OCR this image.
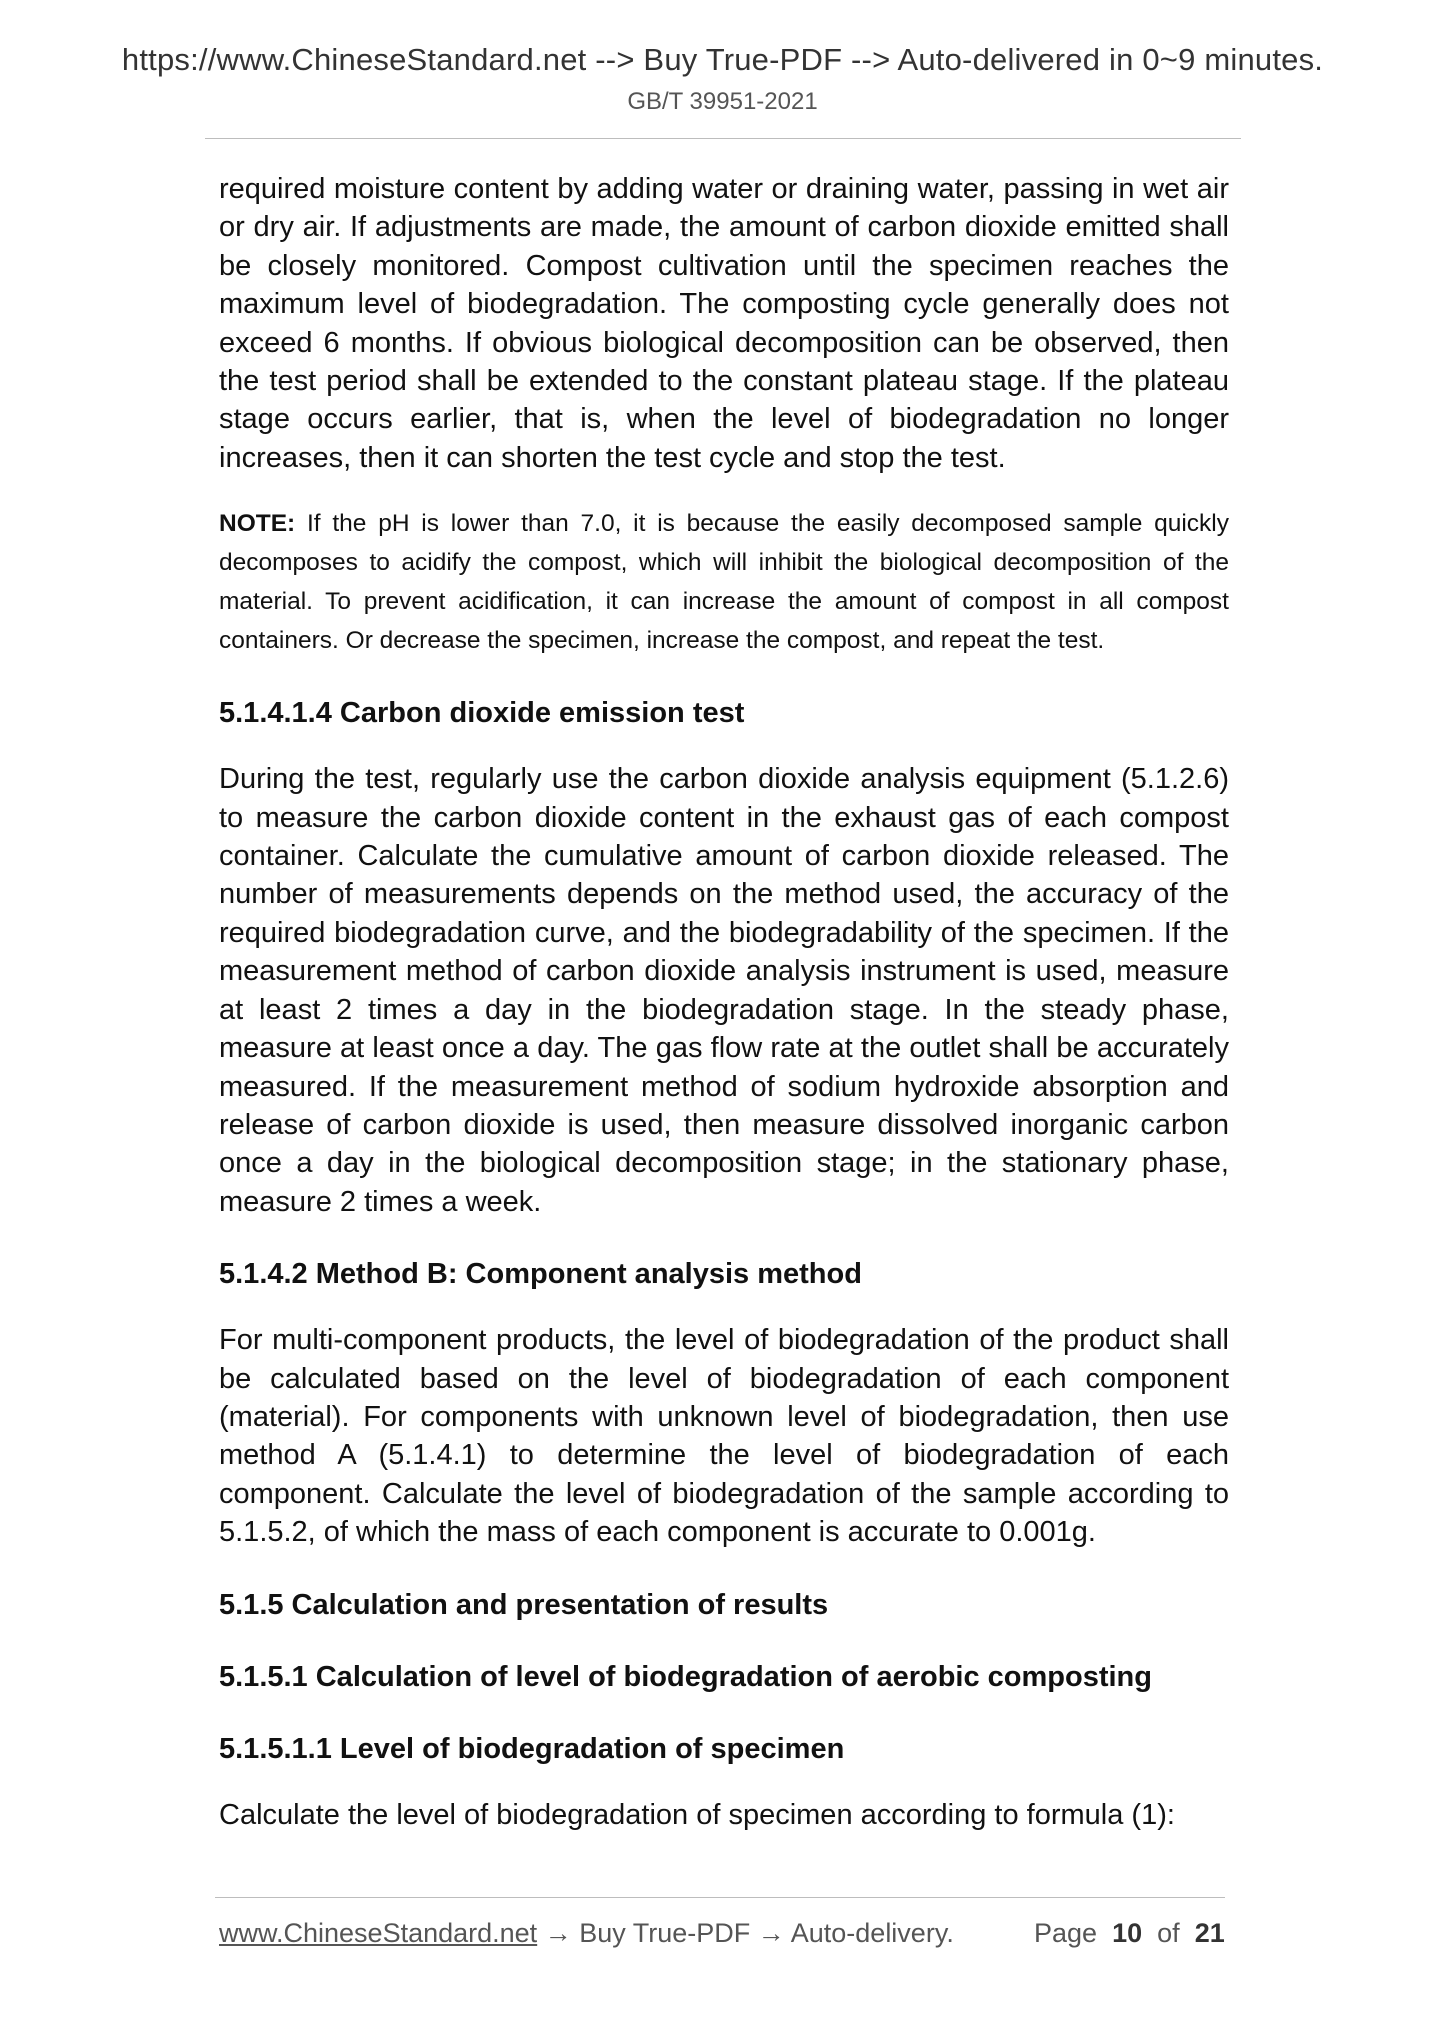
https://www.ChineseStandard.net --> Buy True-PDF --> Auto-delivered in 0~9 minutes.
GB/T 39951-2021

required moisture content by adding water or draining water, passing in wet air or dry air. If adjustments are made, the amount of carbon dioxide emitted shall be closely monitored. Compost cultivation until the specimen reaches the maximum level of biodegradation. The composting cycle generally does not exceed 6 months. If obvious biological decomposition can be observed, then the test period shall be extended to the constant plateau stage. If the plateau stage occurs earlier, that is, when the level of biodegradation no longer increases, then it can shorten the test cycle and stop the test.

NOTE: If the pH is lower than 7.0, it is because the easily decomposed sample quickly decomposes to acidify the compost, which will inhibit the biological decomposition of the material. To prevent acidification, it can increase the amount of compost in all compost containers. Or decrease the specimen, increase the compost, and repeat the test.

5.1.4.1.4 Carbon dioxide emission test

During the test, regularly use the carbon dioxide analysis equipment (5.1.2.6) to measure the carbon dioxide content in the exhaust gas of each compost container. Calculate the cumulative amount of carbon dioxide released. The number of measurements depends on the method used, the accuracy of the required biodegradation curve, and the biodegradability of the specimen. If the measurement method of carbon dioxide analysis instrument is used, measure at least 2 times a day in the biodegradation stage. In the steady phase, measure at least once a day. The gas flow rate at the outlet shall be accurately measured. If the measurement method of sodium hydroxide absorption and release of carbon dioxide is used, then measure dissolved inorganic carbon once a day in the biological decomposition stage; in the stationary phase, measure 2 times a week.

5.1.4.2 Method B: Component analysis method

For multi-component products, the level of biodegradation of the product shall be calculated based on the level of biodegradation of each component (material). For components with unknown level of biodegradation, then use method A (5.1.4.1) to determine the level of biodegradation of each component. Calculate the level of biodegradation of the sample according to 5.1.5.2, of which the mass of each component is accurate to 0.001g.

5.1.5 Calculation and presentation of results
5.1.5.1 Calculation of level of biodegradation of aerobic composting
5.1.5.1.1 Level of biodegradation of specimen

Calculate the level of biodegradation of specimen according to formula (1):

www.ChineseStandard.net → Buy True-PDF → Auto-delivery.	Page 10 of 21
